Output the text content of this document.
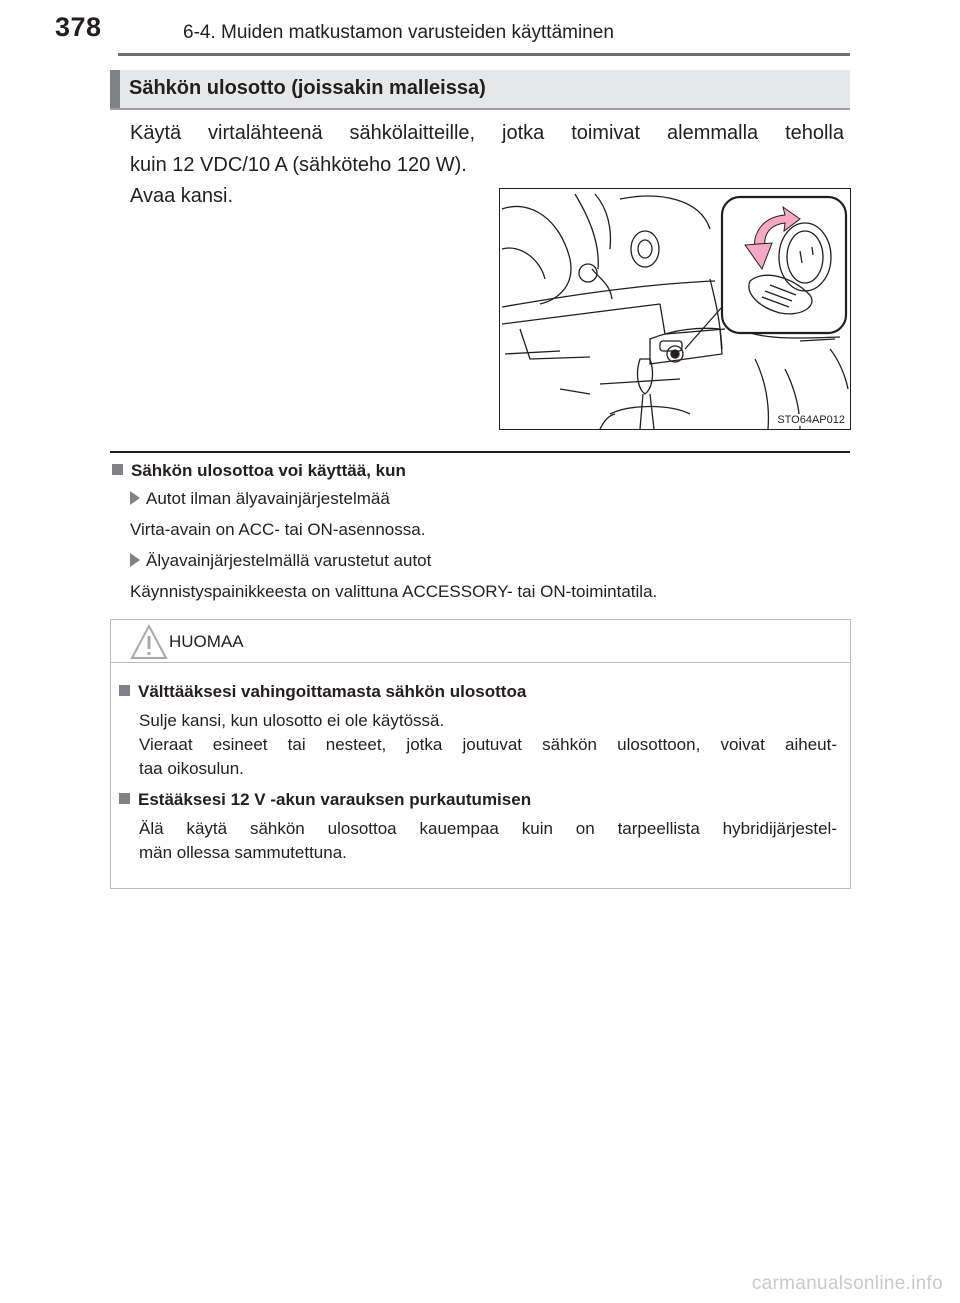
378	6-4. Muiden matkustamon varusteiden käyttäminen
Sähkön ulosotto (joissakin malleissa)
Käytä virtalähteenä sähkölaitteille, jotka toimivat alemmalla teholla
kuin 12 VDC/10 A (sähköteho 120 W).
Avaa kansi.
STO64AP012
Sähkön ulosottoa voi käyttää, kun
Autot ilman älyavainjärjestelmää
Virta-avain on ACC- tai ON-asennossa.
Älyavainjärjestelmällä varustetut autot
Käynnistyspainikkeesta on valittuna ACCESSORY- tai ON-toimintatila.
HUOMAA
Välttääksesi vahingoittamasta sähkön ulosottoa
Sulje kansi, kun ulosotto ei ole käytössä.
Vieraat esineet tai nesteet, jotka joutuvat sähkön ulosottoon, voivat aiheut-
taa oikosulun.
Estääksesi 12 V -akun varauksen purkautumisen
Älä käytä sähkön ulosottoa kauempaa kuin on tarpeellista hybridijärjestel-
män ollessa sammutettuna.
carmanualsonline.info
